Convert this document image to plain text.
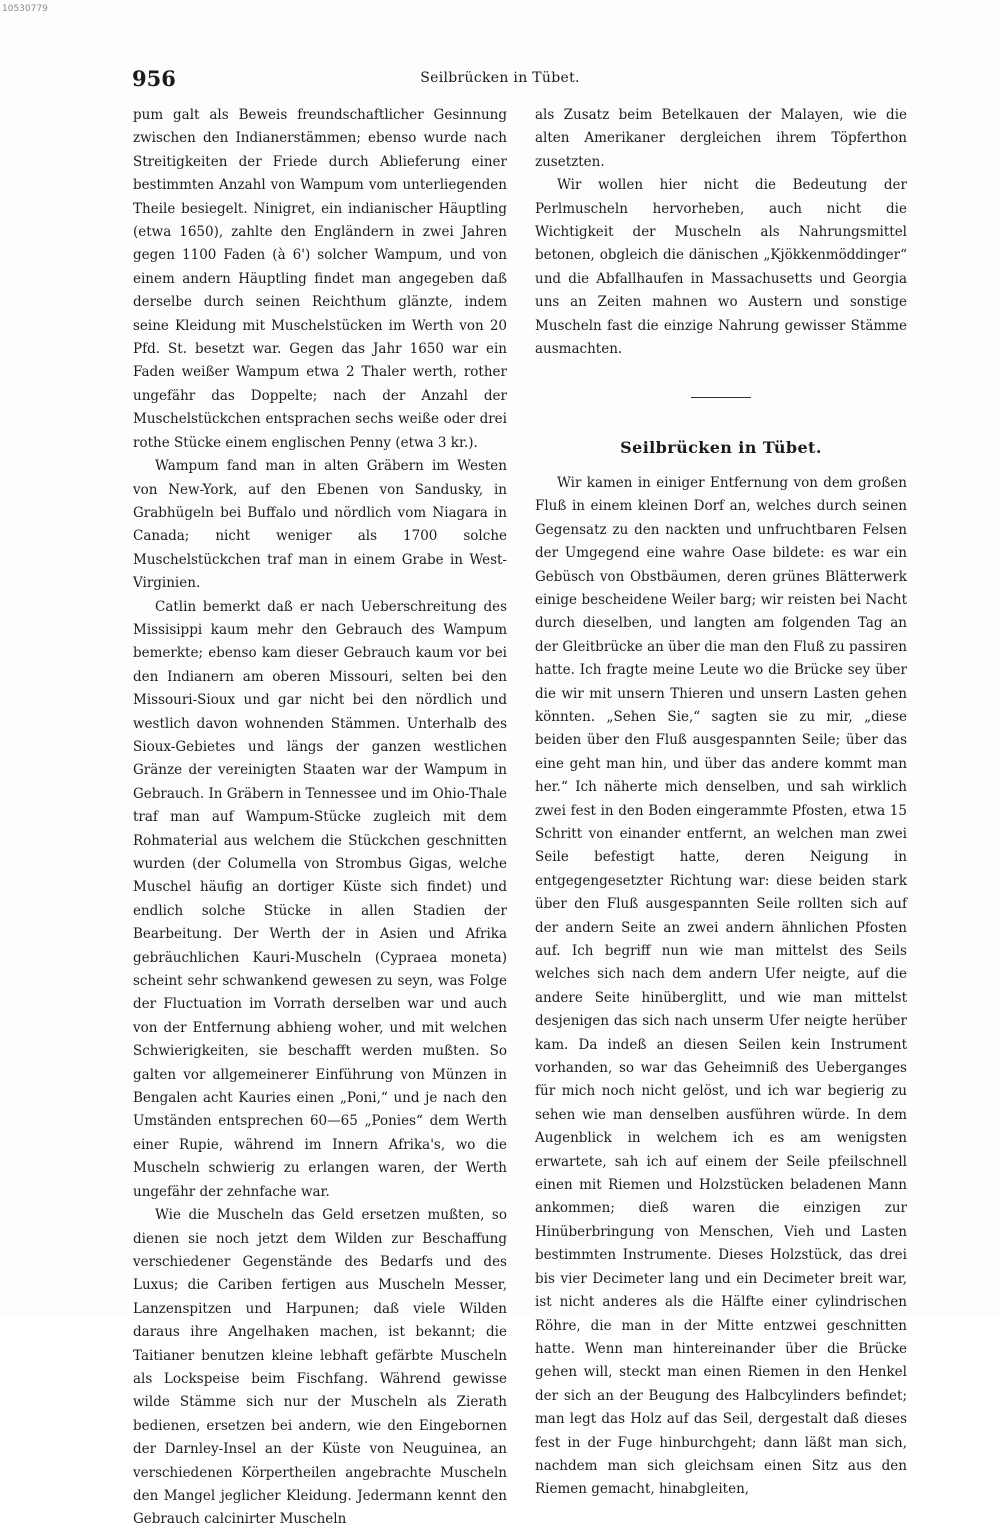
10530779
956	Seilbrücken in Tübet.

pum galt als Beweis freundschaftlicher Gesinnung zwischen den Indianerstämmen; ebenso wurde nach Streitigkeiten der Friede durch Ablieferung einer bestimmten Anzahl von Wampum vom unterliegenden Theile besiegelt. Ninigret, ein indianischer Häuptling (etwa 1650), zahlte den Engländern in zwei Jahren gegen 1100 Faden (à 6') solcher Wampum, und von einem andern Häuptling findet man angegeben daß derselbe durch seinen Reichthum glänzte, indem seine Kleidung mit Muschelstücken im Werth von 20 Pfd. St. besetzt war. Gegen das Jahr 1650 war ein Faden weißer Wampum etwa 2 Thaler werth, rother ungefähr das Doppelte; nach der Anzahl der Muschelstückchen entsprachen sechs weiße oder drei rothe Stücke einem englischen Penny (etwa 3 kr.).

Wampum fand man in alten Gräbern im Westen von New-York, auf den Ebenen von Sandusky, in Grabhügeln bei Buffalo und nördlich vom Niagara in Canada; nicht weniger als 1700 solche Muschelstückchen traf man in einem Grabe in West-Virginien.

Catlin bemerkt daß er nach Ueberschreitung des Missisippi kaum mehr den Gebrauch des Wampum bemerkte; ebenso kam dieser Gebrauch kaum vor bei den Indianern am oberen Missouri, selten bei den Missouri-Sioux und gar nicht bei den nördlich und westlich davon wohnenden Stämmen. Unterhalb des Sioux-Gebietes und längs der ganzen westlichen Gränze der vereinigten Staaten war der Wampum in Gebrauch. In Gräbern in Tennessee und im Ohio-Thale traf man auf Wampum-Stücke zugleich mit dem Rohmaterial aus welchem die Stückchen geschnitten wurden (der Columella von Strombus Gigas, welche Muschel häufig an dortiger Küste sich findet) und endlich solche Stücke in allen Stadien der Bearbeitung. Der Werth der in Asien und Afrika gebräuchlichen Kauri-Muscheln (Cypraea moneta) scheint sehr schwankend gewesen zu seyn, was Folge der Fluctuation im Vorrath derselben war und auch von der Entfernung abhieng woher, und mit welchen Schwierigkeiten, sie beschafft werden mußten. So galten vor allgemeinerer Einführung von Münzen in Bengalen acht Kauries einen „Poni,“ und je nach den Umständen entsprechen 60—65 „Ponies“ dem Werth einer Rupie, während im Innern Afrika's, wo die Muscheln schwierig zu erlangen waren, der Werth ungefähr der zehnfache war.

Wie die Muscheln das Geld ersetzen mußten, so dienen sie noch jetzt dem Wilden zur Beschaffung verschiedener Gegenstände des Bedarfs und des Luxus; die Cariben fertigen aus Muscheln Messer, Lanzenspitzen und Harpunen; daß viele Wilden daraus ihre Angelhaken machen, ist bekannt; die Taitianer benutzen kleine lebhaft gefärbte Muscheln als Lockspeise beim Fischfang. Während gewisse wilde Stämme sich nur der Muscheln als Zierath bedienen, ersetzen bei andern, wie den Eingebornen der Darnley-Insel an der Küste von Neuguinea, an verschiedenen Körpertheilen angebrachte Muscheln den Mangel jeglicher Kleidung. Jedermann kennt den Gebrauch calcinirter Muscheln

als Zusatz beim Betelkauen der Malayen, wie die alten Amerikaner dergleichen ihrem Töpferthon zusetzten.

Wir wollen hier nicht die Bedeutung der Perlmuscheln hervorheben, auch nicht die Wichtigkeit der Muscheln als Nahrungsmittel betonen, obgleich die dänischen „Kjökkenmöddinger“ und die Abfallhaufen in Massachusetts und Georgia uns an Zeiten mahnen wo Austern und sonstige Muscheln fast die einzige Nahrung gewisser Stämme ausmachten.

Seilbrücken in Tübet.

Wir kamen in einiger Entfernung von dem großen Fluß in einem kleinen Dorf an, welches durch seinen Gegensatz zu den nackten und unfruchtbaren Felsen der Umgegend eine wahre Oase bildete: es war ein Gebüsch von Obstbäumen, deren grünes Blätterwerk einige bescheidene Weiler barg; wir reisten bei Nacht durch dieselben, und langten am folgenden Tag an der Gleitbrücke an über die man den Fluß zu passiren hatte. Ich fragte meine Leute wo die Brücke sey über die wir mit unsern Thieren und unsern Lasten gehen könnten. „Sehen Sie,“ sagten sie zu mir, „diese beiden über den Fluß ausgespannten Seile; über das eine geht man hin, und über das andere kommt man her.“ Ich näherte mich denselben, und sah wirklich zwei fest in den Boden eingerammte Pfosten, etwa 15 Schritt von einander entfernt, an welchen man zwei Seile befestigt hatte, deren Neigung in entgegengesetzter Richtung war: diese beiden stark über den Fluß ausgespannten Seile rollten sich auf der andern Seite an zwei andern ähnlichen Pfosten auf. Ich begriff nun wie man mittelst des Seils welches sich nach dem andern Ufer neigte, auf die andere Seite hinüberglitt, und wie man mittelst desjenigen das sich nach unserm Ufer neigte herüber kam. Da indeß an diesen Seilen kein Instrument vorhanden, so war das Geheimniß des Ueberganges für mich noch nicht gelöst, und ich war begierig zu sehen wie man denselben ausführen würde. In dem Augenblick in welchem ich es am wenigsten erwartete, sah ich auf einem der Seile pfeilschnell einen mit Riemen und Holzstücken beladenen Mann ankommen; dieß waren die einzigen zur Hinüberbringung von Menschen, Vieh und Lasten bestimmten Instrumente. Dieses Holzstück, das drei bis vier Decimeter lang und ein Decimeter breit war, ist nicht anderes als die Hälfte einer cylindrischen Röhre, die man in der Mitte entzwei geschnitten hatte. Wenn man hintereinander über die Brücke gehen will, steckt man einen Riemen in den Henkel der sich an der Beugung des Halbcylinders befindet; man legt das Holz auf das Seil, dergestalt daß dieses fest in der Fuge hinburchgeht; dann läßt man sich, nachdem man sich gleichsam einen Sitz aus den Riemen gemacht, hinabgleiten,
